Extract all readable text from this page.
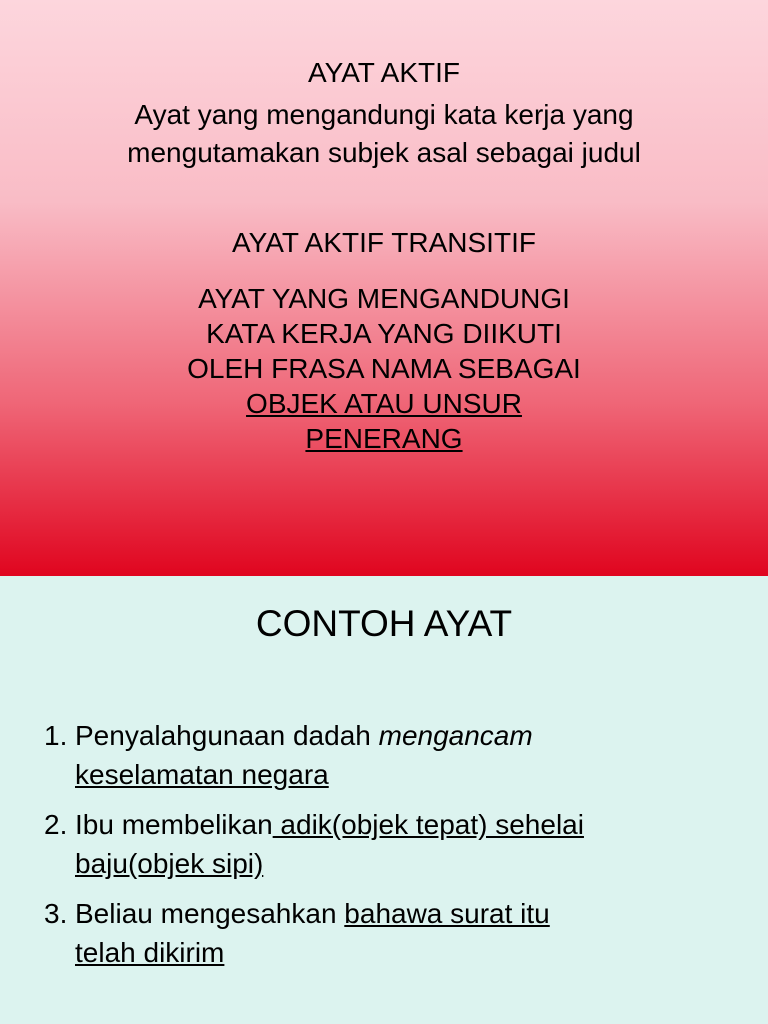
AYAT AKTIF
Ayat yang mengandungi kata kerja yang
mengutamakan subjek asal sebagai judul
AYAT AKTIF TRANSITIF
AYAT YANG MENGANDUNGI
KATA KERJA YANG DIIKUTI
OLEH FRASA NAMA SEBAGAI
OBJEK ATAU UNSUR
PENERANG
CONTOH AYAT
1. Penyalahgunaan dadah mengancam
keselamatan negara
2. Ibu membelikan adik(objek tepat) sehelai
baju(objek sipi)
3. Beliau mengesahkan bahawa surat itu
telah dikirim
